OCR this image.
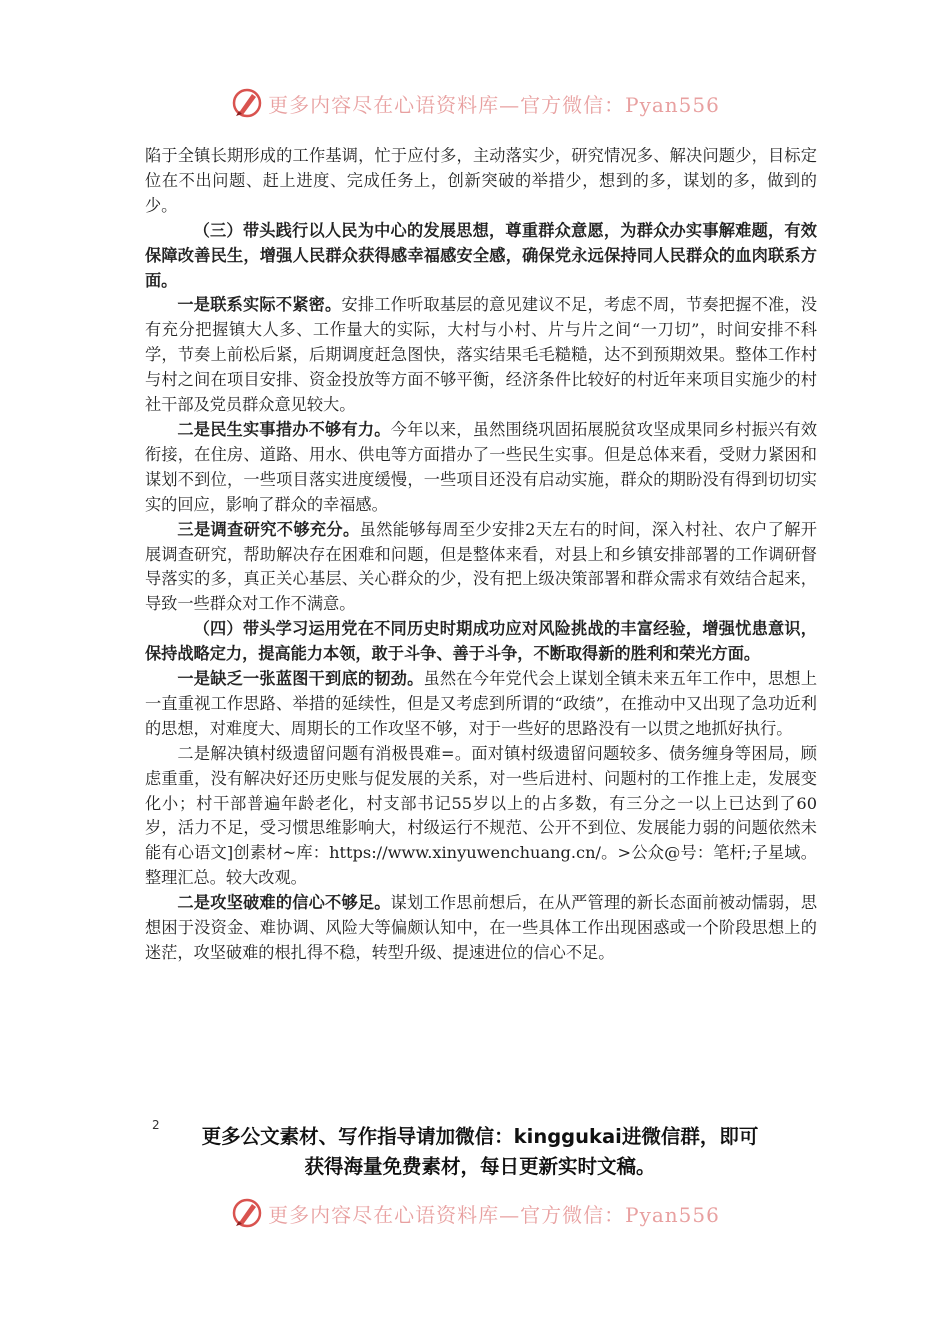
更多内容尽在心语资料库—官方微信：Pyan556

陷于全镇长期形成的工作基调，忙于应付多，主动落实少，研究情况多、解决问题少，目标定位在不出问题、赶上进度、完成任务上，创新突破的举措少，想到的多，谋划的多，做到的少。

（三）带头践行以人民为中心的发展思想，尊重群众意愿，为群众办实事解难题，有效保障改善民生，增强人民群众获得感幸福感安全感，确保党永远保持同人民群众的血肉联系方面。

一是联系实际不紧密。安排工作听取基层的意见建议不足，考虑不周，节奏把握不准，没有充分把握镇大人多、工作量大的实际，大村与小村、片与片之间“一刀切”，时间安排不科学，节奏上前松后紧，后期调度赶急图快，落实结果毛毛糙糙，达不到预期效果。整体工作村与村之间在项目安排、资金投放等方面不够平衡，经济条件比较好的村近年来项目实施少的村社干部及党员群众意见较大。

二是民生实事措办不够有力。今年以来，虽然围绕巩固拓展脱贫攻坚成果同乡村振兴有效衔接，在住房、道路、用水、供电等方面措办了一些民生实事。但是总体来看，受财力紧困和谋划不到位，一些项目落实进度缓慢，一些项目还没有启动实施，群众的期盼没有得到切切实实的回应，影响了群众的幸福感。

三是调查研究不够充分。虽然能够每周至少安排2天左右的时间，深入村社、农户了解开展调查研究，帮助解决存在困难和问题，但是整体来看，对县上和乡镇安排部署的工作调研督导落实的多，真正关心基层、关心群众的少，没有把上级决策部署和群众需求有效结合起来，导致一些群众对工作不满意。

（四）带头学习运用党在不同历史时期成功应对风险挑战的丰富经验，增强忧患意识，保持战略定力，提高能力本领，敢于斗争、善于斗争，不断取得新的胜利和荣光方面。

一是缺乏一张蓝图干到底的韧劲。虽然在今年党代会上谋划全镇未来五年工作中，思想上一直重视工作思路、举措的延续性，但是又考虑到所谓的“政绩”，在推动中又出现了急功近利的思想，对难度大、周期长的工作攻坚不够，对于一些好的思路没有一以贯之地抓好执行。

二是解决镇村级遗留问题有消极畏难=。面对镇村级遗留问题较多、债务缠身等困局，顾虑重重，没有解决好还历史账与促发展的关系，对一些后进村、问题村的工作推上走，发展变化小；村干部普遍年龄老化，村支部书记55岁以上的占多数，有三分之一以上已达到了60岁，活力不足，受习惯思维影响大，村级运行不规范、公开不到位、发展能力弱的问题依然未能有心语文]创素材~库：https://www.xinyuwenchuang.cn/。>公众@号：笔杆;子星域。整理汇总。较大改观。

二是攻坚破难的信心不够足。谋划工作思前想后，在从严管理的新长态面前被动懦弱，思想困于没资金、难协调、风险大等偏颇认知中，在一些具体工作出现困惑或一个阶段思想上的迷茫，攻坚破难的根扎得不稳，转型升级、提速进位的信心不足。

2	更多公文素材、写作指导请加微信：kinggukai进微信群，即可
获得海量免费素材，每日更新实时文稿。
更多内容尽在心语资料库—官方微信：Pyan556
